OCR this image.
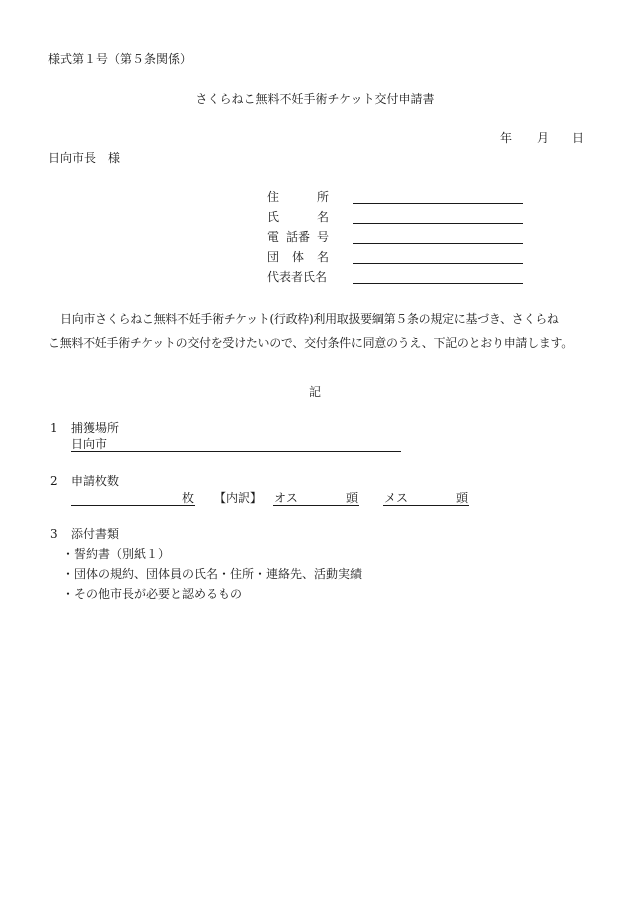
様式第１号（第５条関係）
さくらねこ無料不妊手術チケット交付申請書
年 月 日
日向市長　様
住	所
氏	名
電 話番 号
団 体 名
代表者氏名
日向市さくらねこ無料不妊手術チケット(行政枠)利用取扱要綱第５条の規定に基づき、さくらね
こ無料不妊手術チケットの交付を受けたいので、交付条件に同意のうえ、下記のとおり申請します。
記
1 捕獲場所
日向市
2 申請枚数
枚 【内訳】 オス	頭 メス	頭
3 添付書類
・誓約書（別紙１）
・団体の規約、団体員の氏名・住所・連絡先、活動実績
・その他市長が必要と認めるもの
